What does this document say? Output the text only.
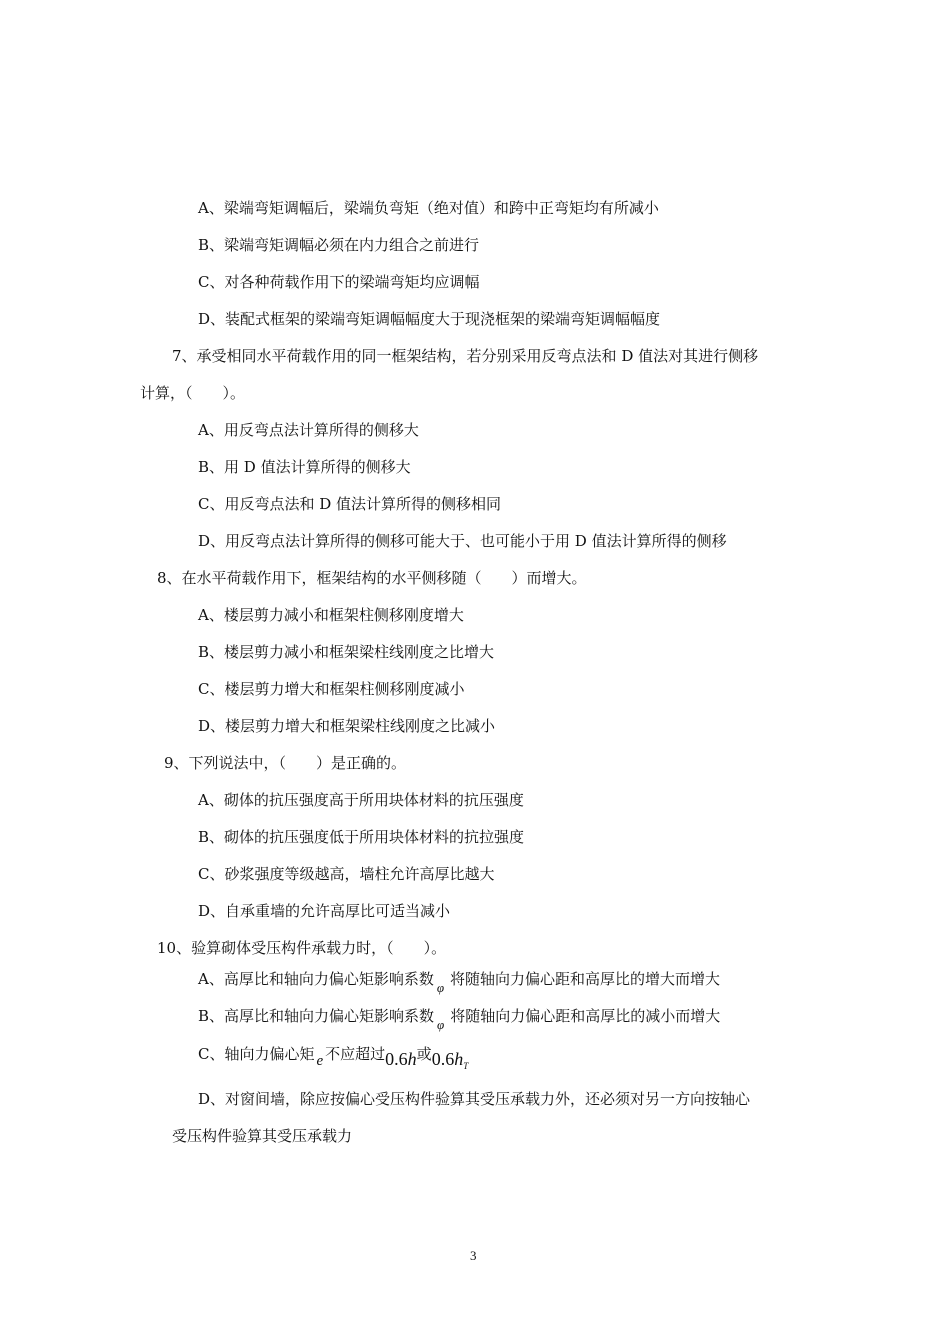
A、梁端弯矩调幅后，梁端负弯矩（绝对值）和跨中正弯矩均有所减小
B、梁端弯矩调幅必须在内力组合之前进行
C、对各种荷载作用下的梁端弯矩均应调幅
D、装配式框架的梁端弯矩调幅幅度大于现浇框架的梁端弯矩调幅幅度
7、承受相同水平荷载作用的同一框架结构，若分别采用反弯点法和 D 值法对其进行侧移
计算，（　　）。
A、用反弯点法计算所得的侧移大
B、用 D 值法计算所得的侧移大
C、用反弯点法和 D 值法计算所得的侧移相同
D、用反弯点法计算所得的侧移可能大于、也可能小于用 D 值法计算所得的侧移
8、在水平荷载作用下，框架结构的水平侧移随（　　）而增大。
A、楼层剪力减小和框架柱侧移刚度增大
B、楼层剪力减小和框架梁柱线刚度之比增大
C、楼层剪力增大和框架柱侧移刚度减小
D、楼层剪力增大和框架梁柱线刚度之比减小
9、下列说法中，（　　）是正确的。
A、砌体的抗压强度高于所用块体材料的抗压强度
B、砌体的抗压强度低于所用块体材料的抗拉强度
C、砂浆强度等级越高，墙柱允许高厚比越大
D、自承重墙的允许高厚比可适当减小
10、验算砌体受压构件承载力时，（　　）。
A、高厚比和轴向力偏心矩影响系数 φ 将随轴向力偏心距和高厚比的增大而增大
B、高厚比和轴向力偏心矩影响系数 φ 将随轴向力偏心距和高厚比的减小而增大
C、轴向力偏心矩 e 不应超过0.6h或$0.6h_T$
D、对窗间墙，除应按偏心受压构件验算其受压承载力外，还必须对另一方向按轴心
受压构件验算其受压承载力
3
